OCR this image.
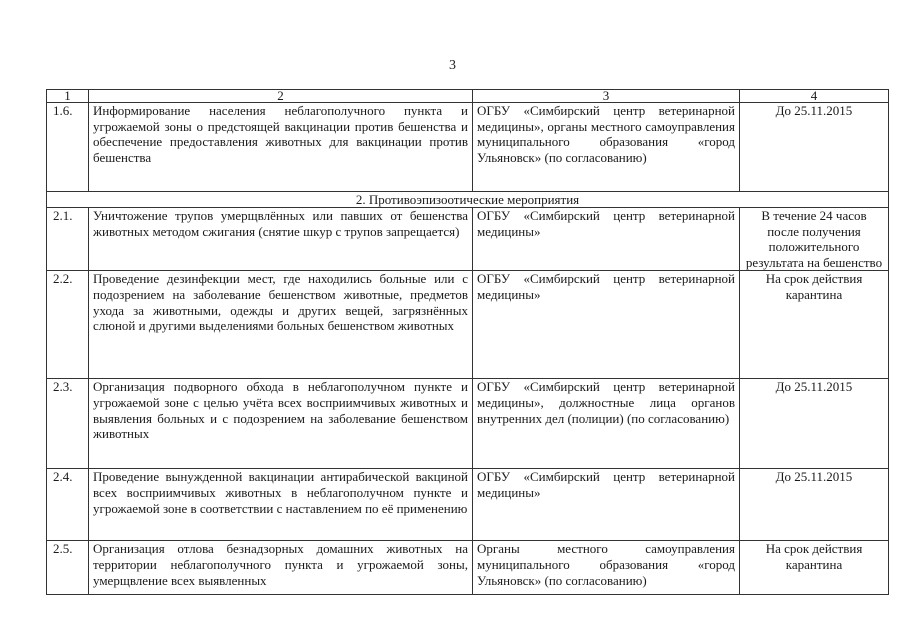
3
1	2	3	4
1.6.	Информирование населения неблагополучного пункта и угрожаемой зоны о предстоящей вакцинации против бешенства и обеспечение предоставления животных для вакцинации против бешенства	ОГБУ «Симбирский центр ветеринарной медицины», органы местного самоуправления муниципального образования «город Ульяновск» (по согласованию)	До 25.11.2015
2. Противоэпизоотические мероприятия			
2.1.	Уничтожение трупов умерщвлённых или павших от бешенства животных методом сжигания (снятие шкур с трупов запрещается)	ОГБУ «Симбирский центр ветеринарной медицины»	В течение 24 часов после получения положительного результата на бешенство
2.2.	Проведение дезинфекции мест, где находились больные или с подозрением на заболевание бешенством животные, предметов ухода за животными, одежды и других вещей, загрязнённых слюной и другими выделениями больных бешенством животных	ОГБУ «Симбирский центр ветеринарной медицины»	На срок действия карантина
2.3.	Организация подворного обхода в неблагополучном пункте и угрожаемой зоне с целью учёта всех восприимчивых животных и выявления больных и с подозрением на заболевание бешенством животных	ОГБУ «Симбирский центр ветеринарной медицины», должностные лица органов внутренних дел (полиции) (по согласованию)	До 25.11.2015
2.4.	Проведение вынужденной вакцинации антирабической вакциной всех восприимчивых животных в неблагополучном пункте и угрожаемой зоне в соответствии с наставлением по её применению	ОГБУ «Симбирский центр ветеринарной медицины»	До 25.11.2015
2.5.	Организация отлова безнадзорных домашних животных на территории неблагополучного пункта и угрожаемой зоны, умерщвление всех выявленных	Органы местного самоуправления муниципального образования «город Ульяновск» (по согласованию)	На срок действия карантина
